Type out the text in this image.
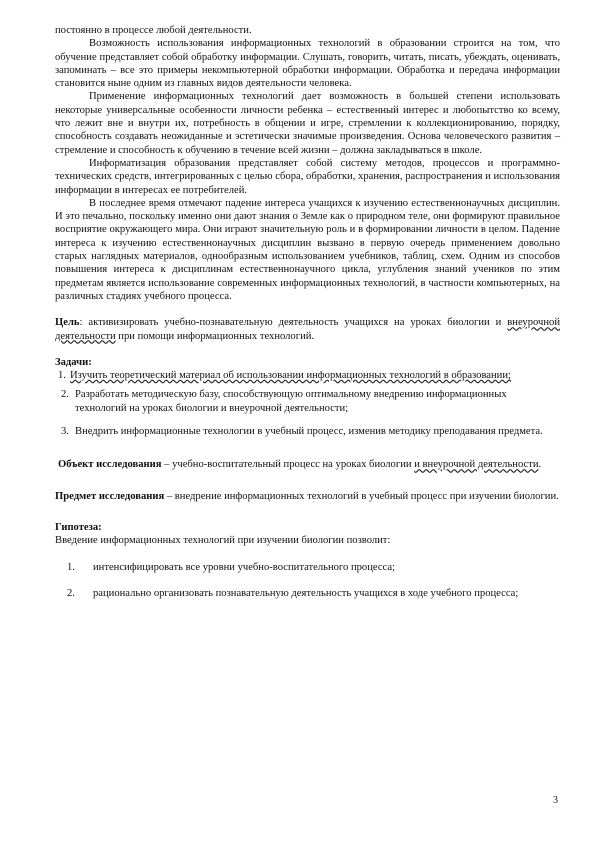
постоянно в процессе любой деятельности.

Возможность использования информационных технологий в образовании строится на том, что обучение представляет собой обработку информации. Слушать, говорить, читать, писать, убеждать, оценивать, запоминать – все это примеры некомпьютерной обработки информации. Обработка и передача информации становится ныне одним из главных видов деятельности человека.

Применение информационных технологий дает возможность в большей степени использовать некоторые универсальные особенности личности ребенка – естественный интерес и любопытство ко всему, что лежит вне и внутри их, потребность в общении и игре, стремлении к коллекционированию, порядку, способность создавать неожиданные и эстетически значимые произведения. Основа человеческого развития – стремление и способность к обучению в течение всей жизни – должна закладываться в школе.

Информатизация образования представляет собой систему методов, процессов и программно-технических средств, интегрированных с целью сбора, обработки, хранения, распространения и использования информации в интересах ее потребителей.

В последнее время отмечают падение интереса учащихся к изучению естественнонаучных дисциплин. И это печально, поскольку именно они дают знания о Земле как о природном теле, они формируют правильное восприятие окружающего мира. Они играют значительную роль и в формировании личности в целом. Падение интереса к изучению естественнонаучных дисциплин вызвано в первую очередь применением довольно старых наглядных материалов, однообразным использованием учебников, таблиц, схем. Одним из способов повышения интереса к дисциплинам естественнонаучного цикла, углубления знаний учеников по этим предметам является использование современных информационных технологий, в частности компьютерных, на различных стадиях учебного процесса.

Цель: активизировать учебно-познавательную деятельность учащихся на уроках биологии и внеурочной деятельности при помощи информационных технологий.

Задачи:

1. Изучить теоретический материал об использовании информационных технологий в образовании;
2. Разработать методическую базу, способствующую оптимальному внедрению информационных технологий на уроках биологии и внеурочной деятельности;
3. Внедрить информационные технологии в учебный процесс, изменив методику преподавания предмета.

Объект исследования – учебно-воспитательный процесс на уроках биологии и внеурочной деятельности.

Предмет исследования – внедрение информационных технологий в учебный процесс при изучении биологии.

Гипотеза:

Введение информационных технологий при изучении биологии позволит:

1.	интенсифицировать все уровни учебно-воспитательного процесса;
2.	рационально организовать познавательную деятельность учащихся в ходе учебного процесса;
3
